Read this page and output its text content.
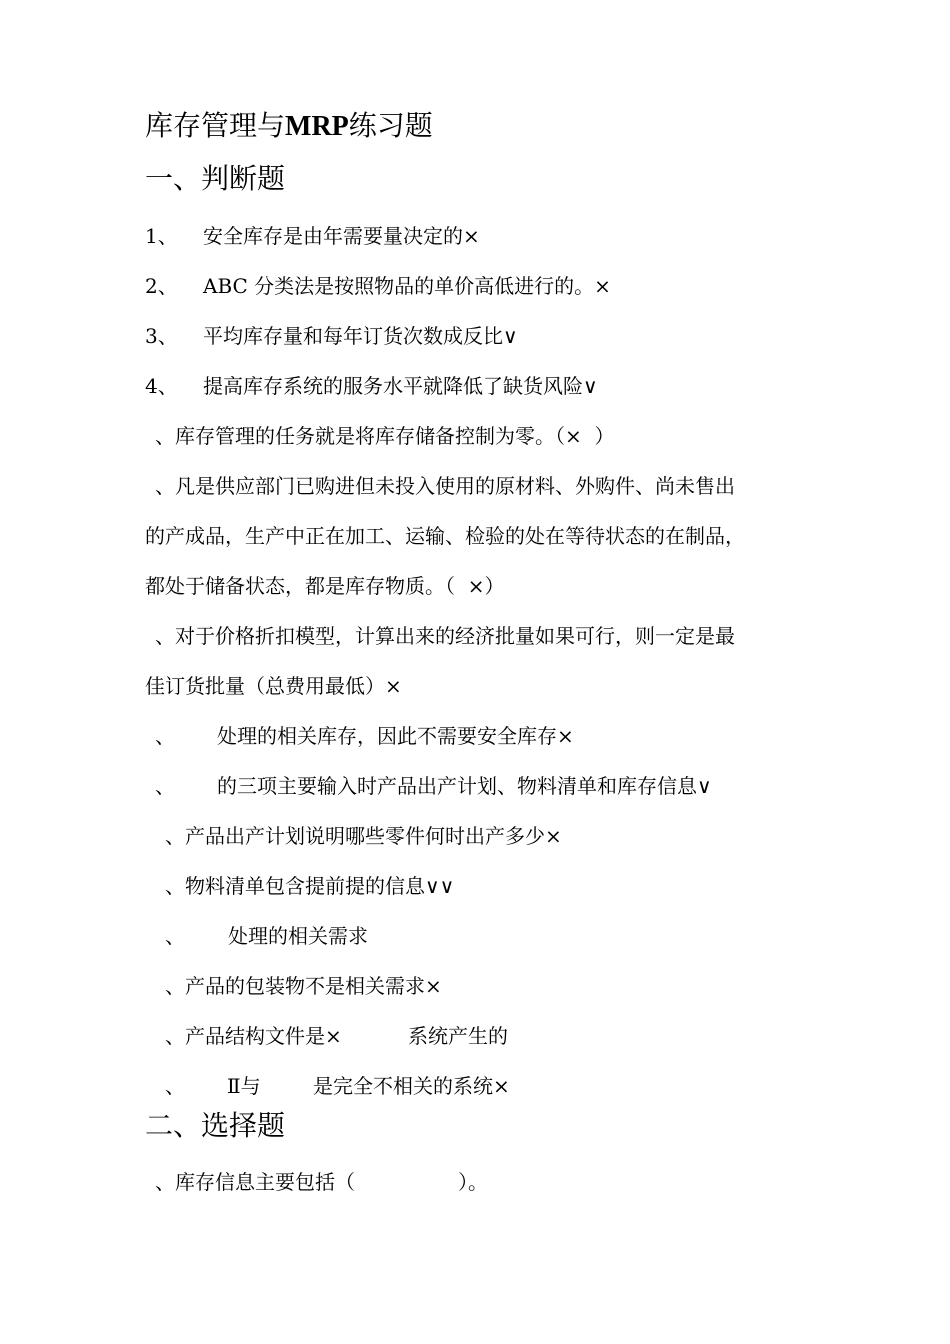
库存管理与MRP练习题
一、判断题
1、 安全库存是由年需要量决定的×
2、 ABC 分类法是按照物品的单价高低进行的。×
3、 平均库存量和每年订货次数成反比∨
4、 提高库存系统的服务水平就降低了缺货风险∨
、库存管理的任务就是将库存储备控制为零。（×  ）
、凡是供应部门已购进但未投入使用的原材料、外购件、尚未售出
的产成品，生产中正在加工、运输、检验的处在等待状态的在制品，
都处于储备状态，都是库存物质。（  ×）
、对于价格折扣模型，计算出来的经济批量如果可行，则一定是最
佳订货批量（总费用最低）×
、 处理的相关库存，因此不需要安全库存×
、 的三项主要输入时产品出产计划、物料清单和库存信息∨
、产品出产计划说明哪些零件何时出产多少×
、物料清单包含提前提的信息∨∨
、 处理的相关需求
、产品的包装物不是相关需求×
、产品结构文件是×	系统产生的
、 Ⅱ与	是完全不相关的系统×
二、选择题
、库存信息主要包括（	）。
